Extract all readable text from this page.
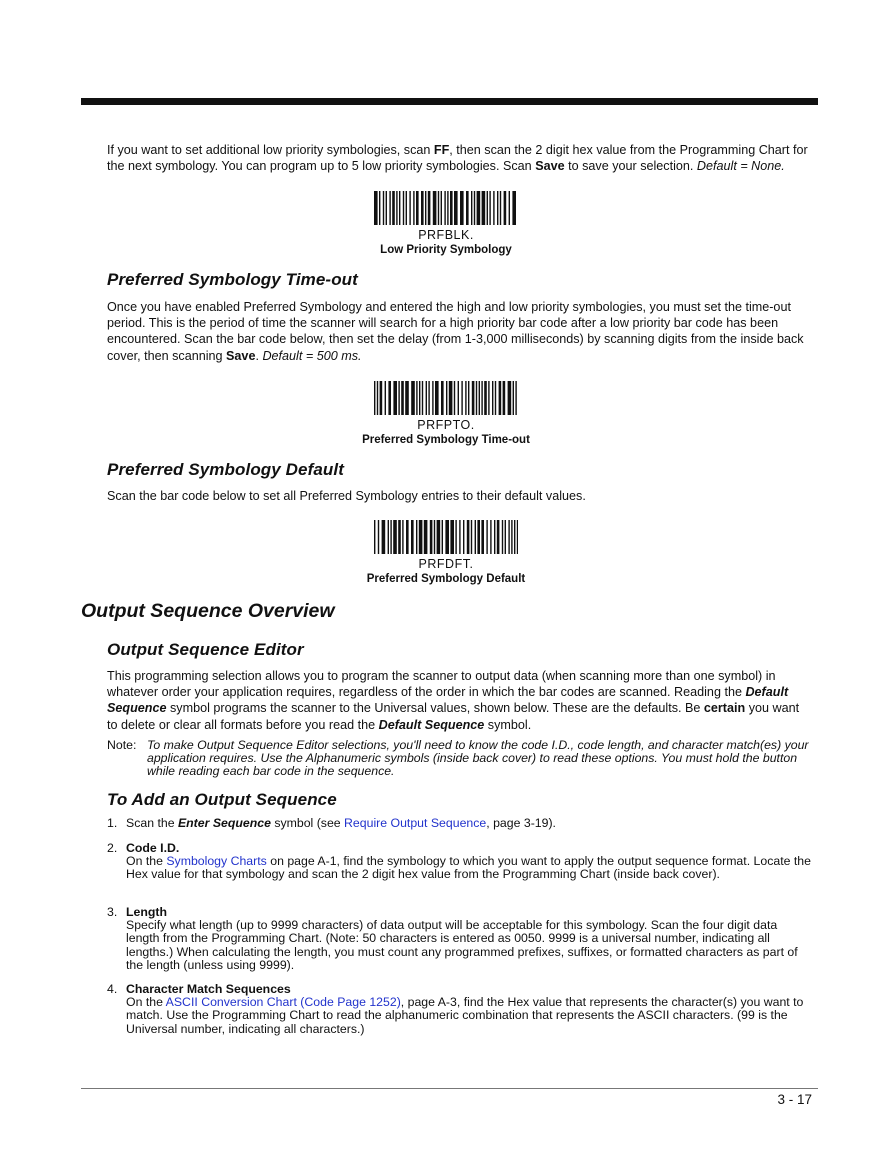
If you want to set additional low priority symbologies, scan FF, then scan the 2 digit hex value from the Programming Chart for the next symbology. You can program up to 5 low priority symbologies. Scan Save to save your selection. Default = None.
PRFBLK.
Low Priority Symbology
Preferred Symbology Time-out
Once you have enabled Preferred Symbology and entered the high and low priority symbologies, you must set the time-out period. This is the period of time the scanner will search for a high priority bar code after a low priority bar code has been encountered. Scan the bar code below, then set the delay (from 1-3,000 milliseconds) by scanning digits from the inside back cover, then scanning Save. Default = 500 ms.
PRFPTO.
Preferred Symbology Time-out
Preferred Symbology Default
Scan the bar code below to set all Preferred Symbology entries to their default values.
PRFDFT.
Preferred Symbology Default
Output Sequence Overview
Output Sequence Editor
This programming selection allows you to program the scanner to output data (when scanning more than one symbol) in whatever order your application requires, regardless of the order in which the bar codes are scanned. Reading the Default Sequence symbol programs the scanner to the Universal values, shown below. These are the defaults. Be certain you want to delete or clear all formats before you read the Default Sequence symbol.
Note: To make Output Sequence Editor selections, you'll need to know the code I.D., code length, and character match(es) your application requires. Use the Alphanumeric symbols (inside back cover) to read these options. You must hold the button while reading each bar code in the sequence.
To Add an Output Sequence
1. Scan the Enter Sequence symbol (see Require Output Sequence, page 3-19).
2. Code I.D.
On the Symbology Charts on page A-1, find the symbology to which you want to apply the output sequence format. Locate the Hex value for that symbology and scan the 2 digit hex value from the Programming Chart (inside back cover).
3. Length
Specify what length (up to 9999 characters) of data output will be acceptable for this symbology. Scan the four digit data length from the Programming Chart. (Note: 50 characters is entered as 0050. 9999 is a universal number, indicating all lengths.) When calculating the length, you must count any programmed prefixes, suffixes, or formatted characters as part of the length (unless using 9999).
4. Character Match Sequences
On the ASCII Conversion Chart (Code Page 1252), page A-3, find the Hex value that represents the character(s) you want to match. Use the Programming Chart to read the alphanumeric combination that represents the ASCII characters. (99 is the Universal number, indicating all characters.)
3 - 17
